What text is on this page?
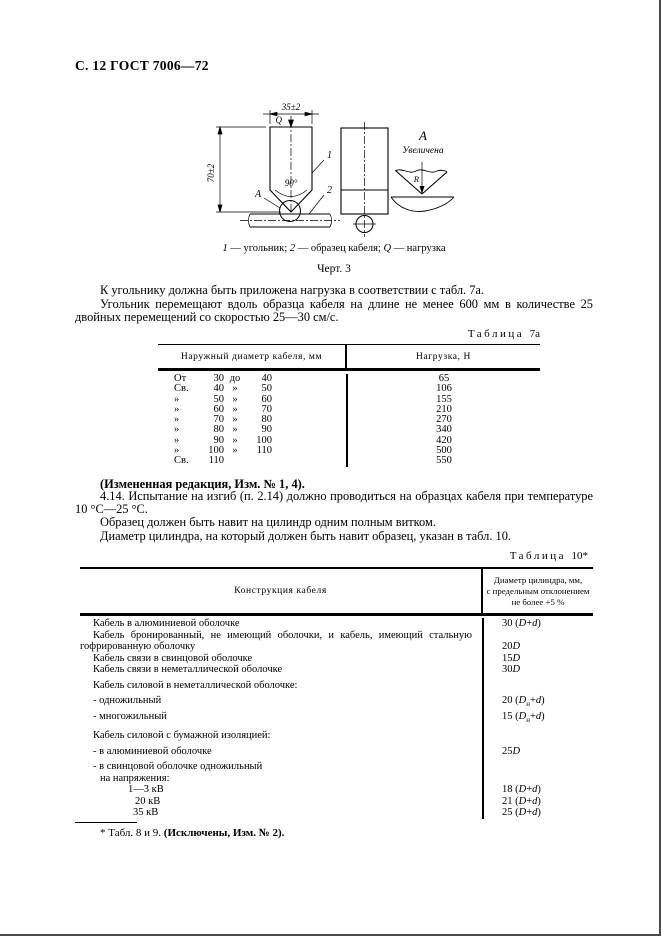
С. 12 ГОСТ 7006—72
35±2
Q
70±2
90°
1
2
А
А
Увеличена
R
1 — угольник; 2 — образец кабеля; Q — нагрузка
Черт. 3

К угольнику должна быть приложена нагрузка в соответствии с табл. 7а.

Угольник перемещают вдоль образца кабеля на длине не менее 600 мм в количестве 25 двойных перемещений со скоростью 25—30 см/с.

Таблица 7а
Наружный диаметр кабеля, мм	Нагрузка, Н
От 30 до 40	65
Св. 40 » 50	106
» 50 » 60	155
» 60 » 70	210
» 70 » 80	270
» 80 » 90	340
» 90 » 100	420
» 100 » 110	500
Св. 110	550
(Измененная редакция, Изм. № 1, 4).

4.14. Испытание на изгиб (п. 2.14) должно проводиться на образцах кабеля при температуре 10 °С—25 °С.

Образец должен быть навит на цилиндр одним полным витком.

Диаметр цилиндра, на который должен быть навит образец, указан в табл. 10.

Таблица 10*
Конструкция кабеля
Диаметр цилиндра, мм,
с предельным отклонением
не более +5 %
Кабель в алюминиевой оболочке	30 (D+d)
Кабель бронированный, не имеющий оболочки, и кабель, имеющий стальную гофрированную оболочку	20D
Кабель связи в свинцовой оболочке	15D
Кабель связи в неметаллической оболочке	30D
Кабель силовой в неметаллической оболочке:	
- одножильный	20 $(D_н+d)$
- многожильный	15 $(D_н+d)$
Кабель силовой с бумажной изоляцией:	
- в алюминиевой оболочке	25D
- в свинцовой оболочке одножильный	
на напряжения:	
1—3 кВ	18 (D+d)
20 кВ	21 (D+d)
35 кВ	25 (D+d)
* Табл. 8 и 9. (Исключены, Изм. № 2).
